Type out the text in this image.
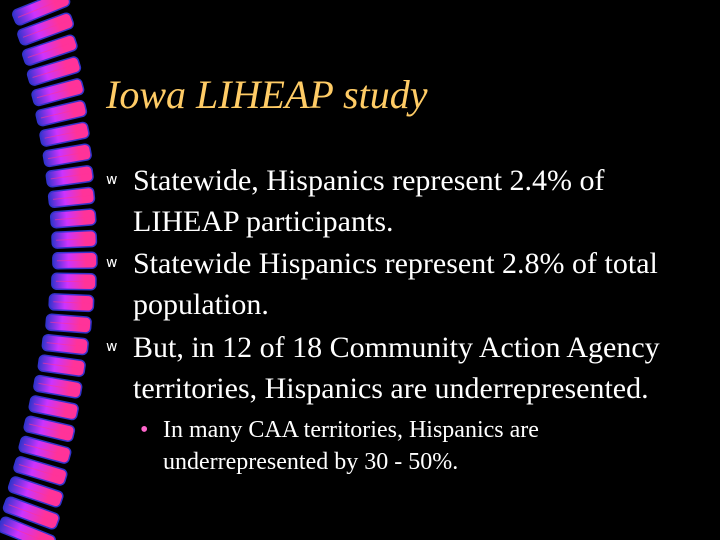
Iowa LIHEAP study
w Statewide, Hispanics represent 2.4% of LIHEAP participants.
w Statewide Hispanics represent 2.8% of total population.
w But, in 12 of 18 Community Action Agency territories, Hispanics are underrepresented.
• In many CAA territories, Hispanics are underrepresented by 30 - 50%.
